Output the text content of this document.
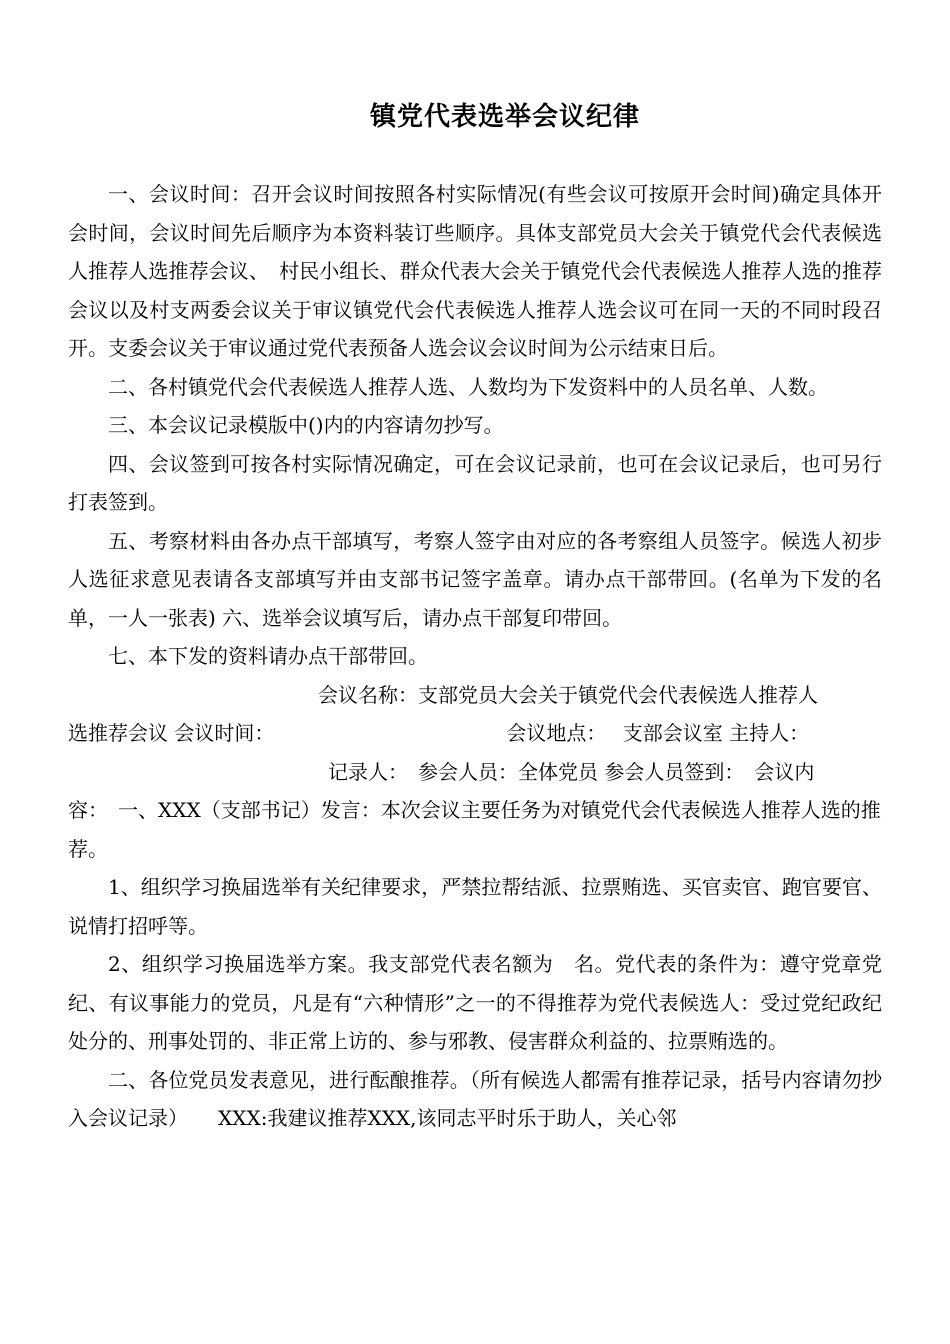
镇党代表选举会议纪律

一、会议时间：召开会议时间按照各村实际情况(有些会议可按原开会时间)确定具体开会时间，会议时间先后顺序为本资料装订些顺序。具体支部党员大会关于镇党代会代表候选人推荐人选推荐会议、　村民小组长、群众代表大会关于镇党代会代表候选人推荐人选的推荐会议以及村支两委会议关于审议镇党代会代表候选人推荐人选会议可在同一天的不同时段召开。支委会议关于审议通过党代表预备人选会议会议时间为公示结束日后。

二、各村镇党代会代表候选人推荐人选、人数均为下发资料中的人员名单、人数。

三、本会议记录模版中()内的内容请勿抄写。

四、会议签到可按各村实际情况确定，可在会议记录前，也可在会议记录后，也可另行打表签到。

五、考察材料由各办点干部填写，考察人签字由对应的各考察组人员签字。候选人初步人选征求意见表请各支部填写并由支部书记签字盖章。请办点干部带回。(名单为下发的名单，一人一张表) 六、选举会议填写后，请办点干部复印带回。

七、本下发的资料请办点干部带回。

会议名称：支部党员大会关于镇党代会代表候选人推荐人

选推荐会议 会议时间：	会议地点：　 支部会议室 主持人：

记录人：　参会人员：全体党员 参会人员签到：　会议内

容：　一、XXX（支部书记）发言：本次会议主要任务为对镇党代会代表候选人推荐人选的推荐。

1、组织学习换届选举有关纪律要求，严禁拉帮结派、拉票贿选、买官卖官、跑官要官、说情打招呼等。

2、组织学习换届选举方案。我支部党代表名额为　名。党代表的条件为：遵守党章党纪、有议事能力的党员，凡是有“六种情形”之一的不得推荐为党代表候选人：受过党纪政纪处分的、刑事处罚的、非正常上访的、参与邪教、侵害群众利益的、拉票贿选的。

二、各位党员发表意见，进行酝酿推荐。（所有候选人都需有推荐记录，括号内容请勿抄入会议记录）　　XXX:我建议推荐XXX,该同志平时乐于助人，关心邻
